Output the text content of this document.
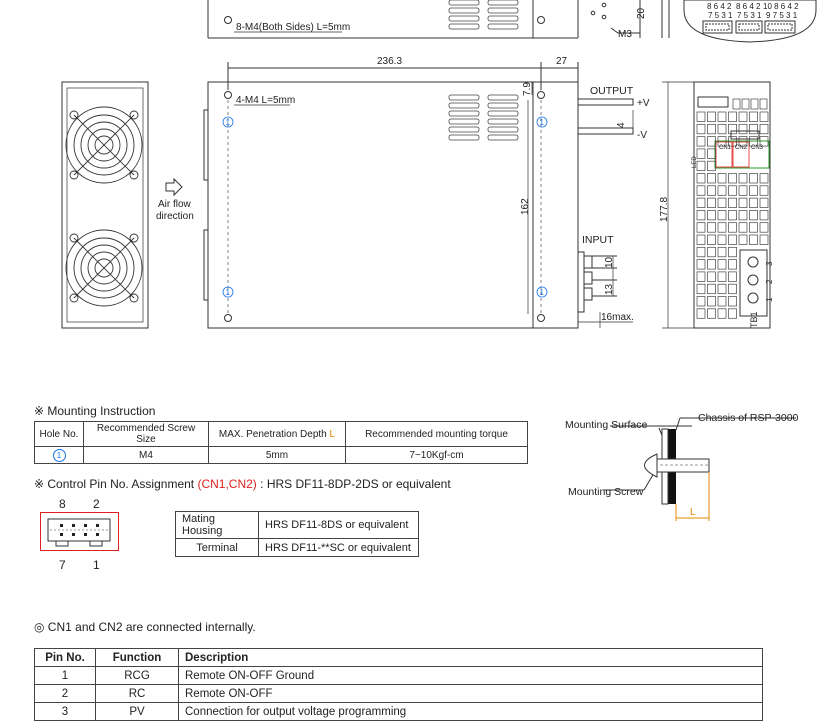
8-M4(Both Sides) L=5mm
M3
20
8 6 4 2 8 6 4 2 10 8 6 4 2
7 5 3 1 7 5 3 1 9 7 5 3 1
Air flow
direction
236.3	27
7.9
162
4-M4 L=5mm
1	1
1	1
OUTPUT
+V
-V
4
INPUT
10
13
16max.
177.8
CN1 CN2 CN3
LED
TB1
3
2
1
※ Mounting Instruction
Hole No.	Recommended Screw Size	MAX. Penetration Depth L	Recommended mounting torque
1	M4	5mm	7~10Kgf-cm
Mounting Surface
Chassis of RSP-3000
Mounting Screw
L
※ Control Pin No. Assignment (CN1,CN2) : HRS DF11-8DP-2DS or equivalent
8 2
7 1
Mating Housing	HRS DF11-8DS or equivalent
Terminal	HRS DF11-**SC or equivalent
◎ CN1 and CN2 are connected internally.
Pin No.	Function	Description
1	RCG	Remote ON-OFF Ground
2	RC	Remote ON-OFF
3	PV	Connection for output voltage programming
